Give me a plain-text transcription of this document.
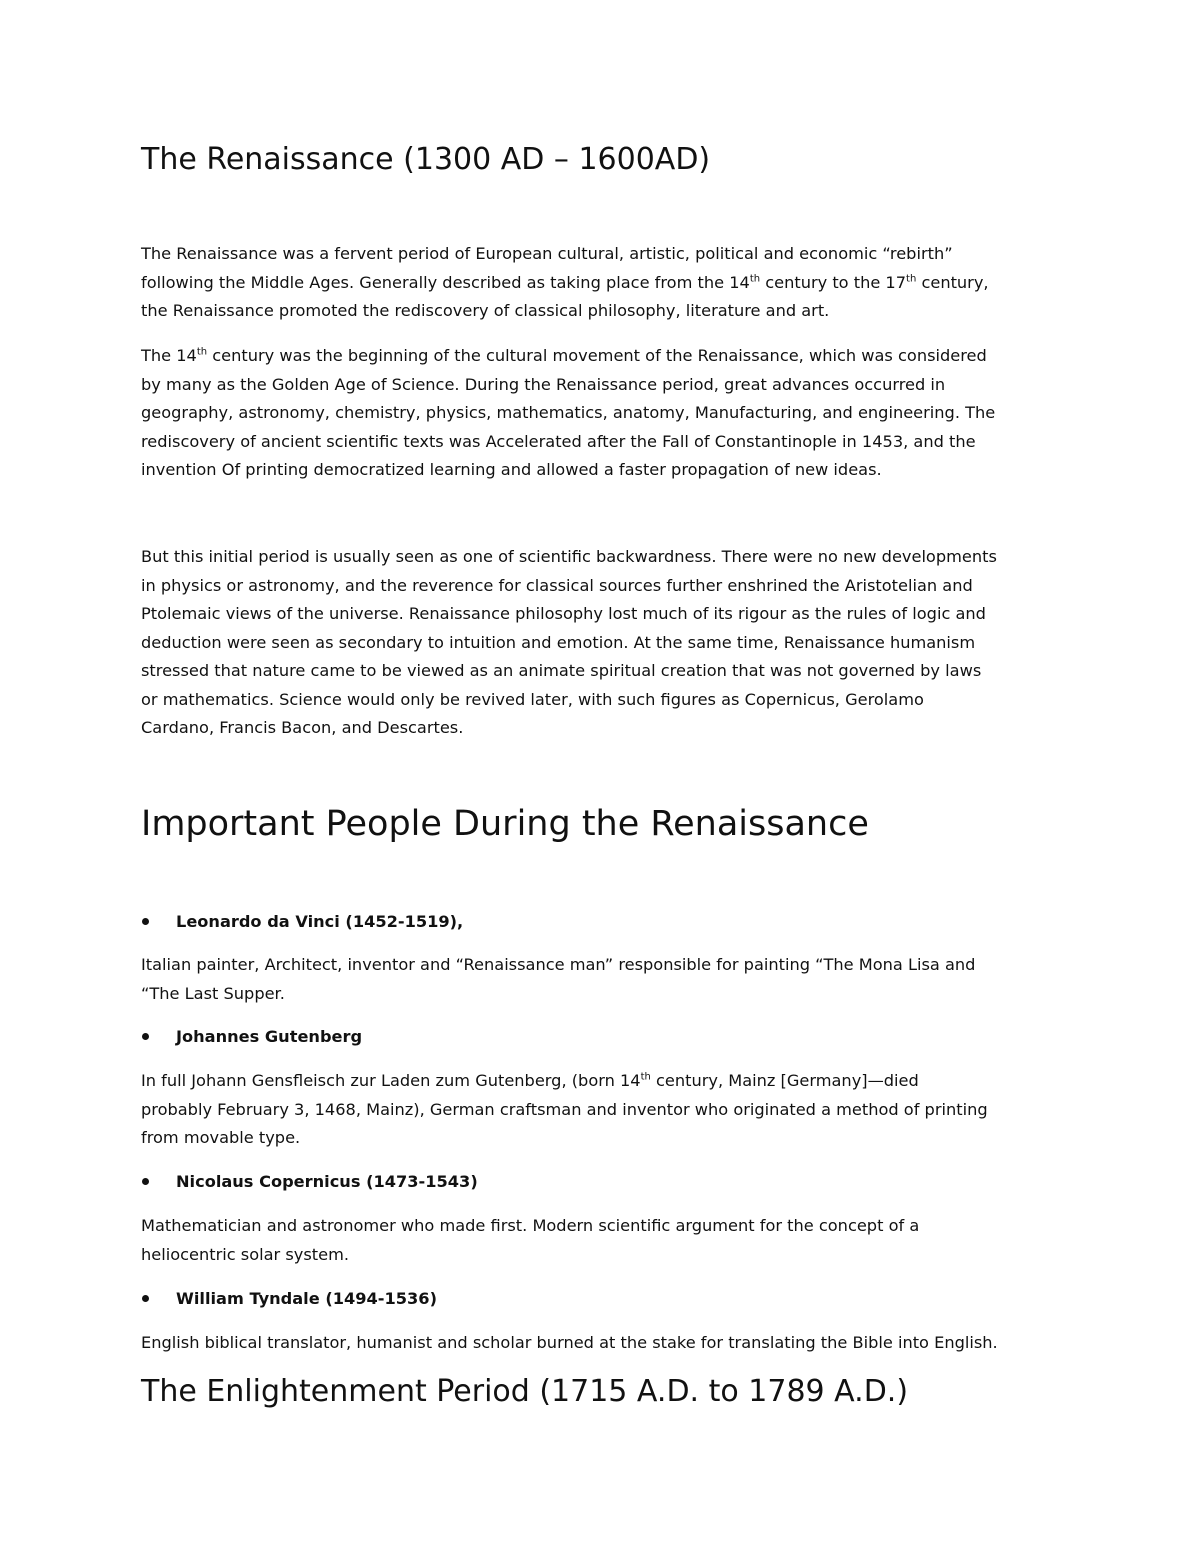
The Renaissance (1300 AD – 1600AD)
The Renaissance was a fervent period of European cultural, artistic, political and economic “rebirth”
following the Middle Ages. Generally described as taking place from the 14th century to the 17th century,
the Renaissance promoted the rediscovery of classical philosophy, literature and art.
The 14th century was the beginning of the cultural movement of the Renaissance, which was considered
by many as the Golden Age of Science. During the Renaissance period, great advances occurred in
geography, astronomy, chemistry, physics, mathematics, anatomy, Manufacturing, and engineering. The
rediscovery of ancient scientific texts was Accelerated after the Fall of Constantinople in 1453, and the
invention Of printing democratized learning and allowed a faster propagation of new ideas.
But this initial period is usually seen as one of scientific backwardness. There were no new developments
in physics or astronomy, and the reverence for classical sources further enshrined the Aristotelian and
Ptolemaic views of the universe. Renaissance philosophy lost much of its rigour as the rules of logic and
deduction were seen as secondary to intuition and emotion. At the same time, Renaissance humanism
stressed that nature came to be viewed as an animate spiritual creation that was not governed by laws
or mathematics. Science would only be revived later, with such figures as Copernicus, Gerolamo
Cardano, Francis Bacon, and Descartes.
Important People During the Renaissance
Leonardo da Vinci (1452-1519),
Italian painter, Architect, inventor and “Renaissance man” responsible for painting “The Mona Lisa and
“The Last Supper.
Johannes Gutenberg
In full Johann Gensfleisch zur Laden zum Gutenberg, (born 14th century, Mainz [Germany]—died
probably February 3, 1468, Mainz), German craftsman and inventor who originated a method of printing
from movable type.
Nicolaus Copernicus (1473-1543)
Mathematician and astronomer who made first. Modern scientific argument for the concept of a
heliocentric solar system.
William Tyndale (1494-1536)
English biblical translator, humanist and scholar burned at the stake for translating the Bible into English.
The Enlightenment Period (1715 A.D. to 1789 A.D.)
